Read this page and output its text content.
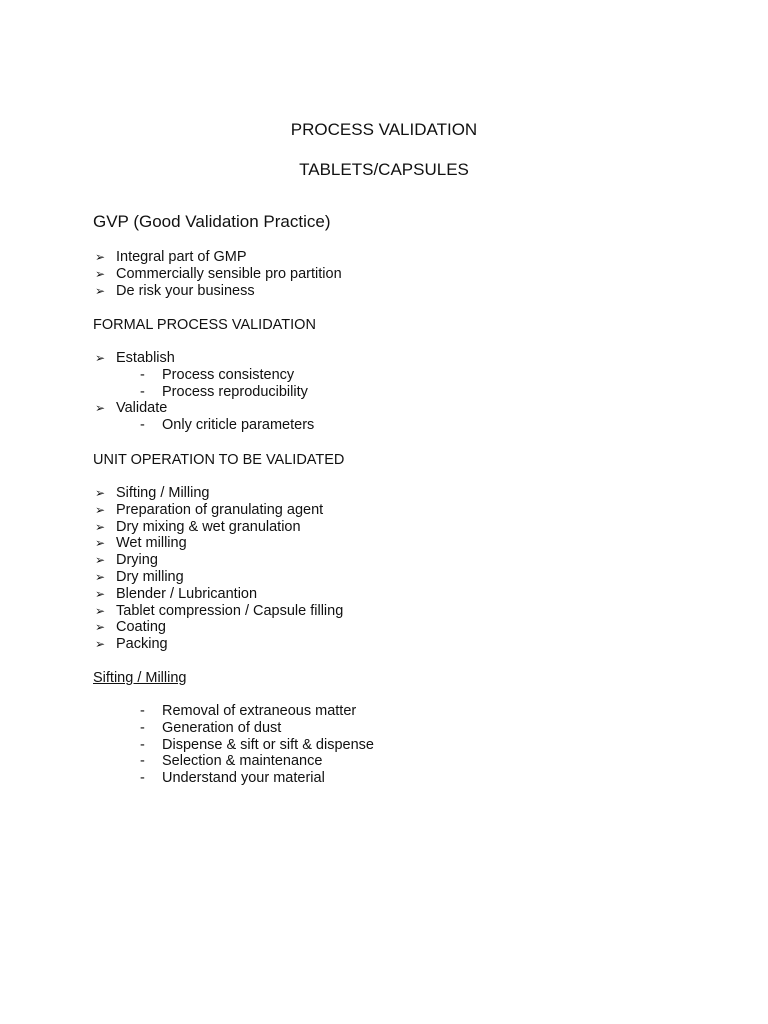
PROCESS VALIDATION
TABLETS/CAPSULES
GVP (Good Validation Practice)
➢ Integral part of GMP
➢ Commercially sensible pro partition
➢ De risk your business
FORMAL PROCESS VALIDATION
➢ Establish
- Process consistency
- Process reproducibility
➢ Validate
- Only criticle parameters
UNIT OPERATION TO BE VALIDATED
➢ Sifting / Milling
➢ Preparation of granulating agent
➢ Dry mixing & wet granulation
➢ Wet milling
➢ Drying
➢ Dry milling
➢ Blender / Lubricantion
➢ Tablet compression / Capsule filling
➢ Coating
➢ Packing
Sifting / Milling
- Removal of extraneous matter
- Generation of dust
- Dispense & sift or sift & dispense
- Selection & maintenance
- Understand your material
